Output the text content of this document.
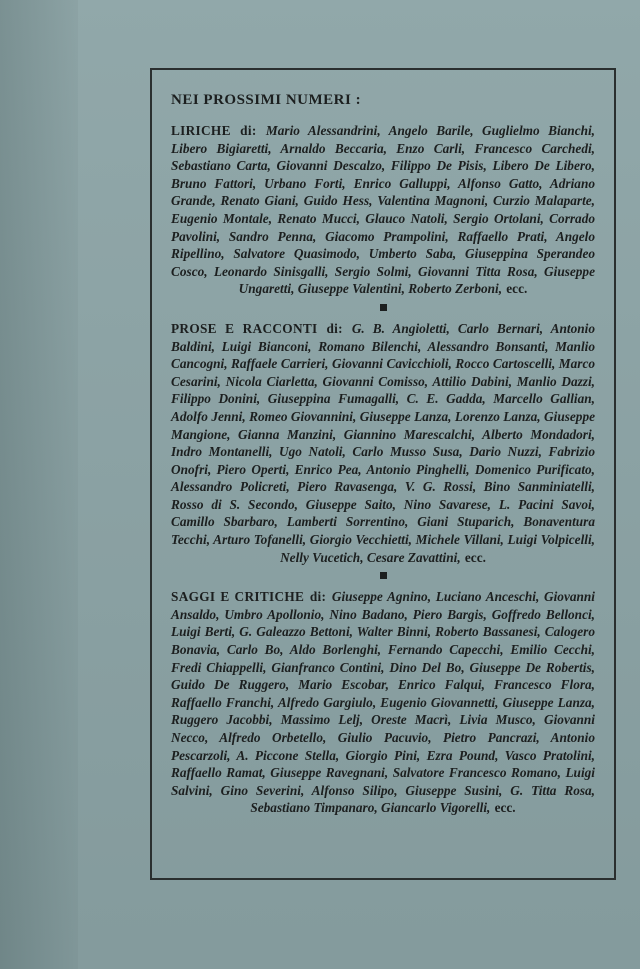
NEI PROSSIMI NUMERI :

LIRICHE di: Mario Alessandrini, Angelo Barile, Guglielmo Bianchi, Libero Bigiaretti, Arnaldo Beccaria, Enzo Carli, Francesco Carchedi, Sebastiano Carta, Giovanni Descalzo, Filippo De Pisis, Libero De Libero, Bruno Fattori, Urbano Forti, Enrico Galluppi, Alfonso Gatto, Adriano Grande, Renato Giani, Guido Hess, Valentina Magnoni, Curzio Malaparte, Eugenio Montale, Renato Mucci, Glauco Natoli, Sergio Ortolani, Corrado Pavolini, Sandro Penna, Giacomo Prampolini, Raffaello Prati, Angelo Ripellino, Salvatore Quasimodo, Umberto Saba, Giuseppina Sperandeo Cosco, Leonardo Sinisgalli, Sergio Solmi, Giovanni Titta Rosa, Giuseppe Ungaretti, Giuseppe Valentini, Roberto Zerboni, ecc.

PROSE E RACCONTI di: G. B. Angioletti, Carlo Bernari, Antonio Baldini, Luigi Bianconi, Romano Bilenchi, Alessandro Bonsanti, Manlio Cancogni, Raffaele Carrieri, Giovanni Cavicchioli, Rocco Cartoscelli, Marco Cesarini, Nicola Ciarletta, Giovanni Comisso, Attilio Dabini, Manlio Dazzi, Filippo Donini, Giuseppina Fumagalli, C. E. Gadda, Marcello Gallian, Adolfo Jenni, Romeo Giovannini, Giuseppe Lanza, Lorenzo Lanza, Giuseppe Mangione, Gianna Manzini, Giannino Marescalchi, Alberto Mondadori, Indro Montanelli, Ugo Natoli, Carlo Musso Susa, Dario Nuzzi, Fabrizio Onofri, Piero Operti, Enrico Pea, Antonio Pinghelli, Domenico Purificato, Alessandro Policreti, Piero Ravasenga, V. G. Rossi, Bino Sanminiatelli, Rosso di S. Secondo, Giuseppe Saito, Nino Savarese, L. Pacini Savoi, Camillo Sbarbaro, Lamberti Sorrentino, Giani Stuparich, Bonaventura Tecchi, Arturo Tofanelli, Giorgio Vecchietti, Michele Villani, Luigi Volpicelli, Nelly Vucetich, Cesare Zavattini, ecc.

SAGGI E CRITICHE di: Giuseppe Agnino, Luciano Anceschi, Giovanni Ansaldo, Umbro Apollonio, Nino Badano, Piero Bargis, Goffredo Bellonci, Luigi Berti, G. Galeazzo Bettoni, Walter Binni, Roberto Bassanesi, Calogero Bonavia, Carlo Bo, Aldo Borlenghi, Fernando Capecchi, Emilio Cecchi, Fredi Chiappelli, Gianfranco Contini, Dino Del Bo, Giuseppe De Robertis, Guido De Ruggero, Mario Escobar, Enrico Falqui, Francesco Flora, Raffaello Franchi, Alfredo Gargiulo, Eugenio Giovannetti, Giuseppe Lanza, Ruggero Jacobbi, Massimo Lelj, Oreste Macrì, Livia Musco, Giovanni Necco, Alfredo Orbetello, Giulio Pacuvio, Pietro Pancrazi, Antonio Pescarzoli, A. Piccone Stella, Giorgio Pini, Ezra Pound, Vasco Pratolini, Raffaello Ramat, Giuseppe Ravegnani, Salvatore Francesco Romano, Luigi Salvini, Gino Severini, Alfonso Silipo, Giuseppe Susini, G. Titta Rosa, Sebastiano Timpanaro, Giancarlo Vigorelli, ecc.
